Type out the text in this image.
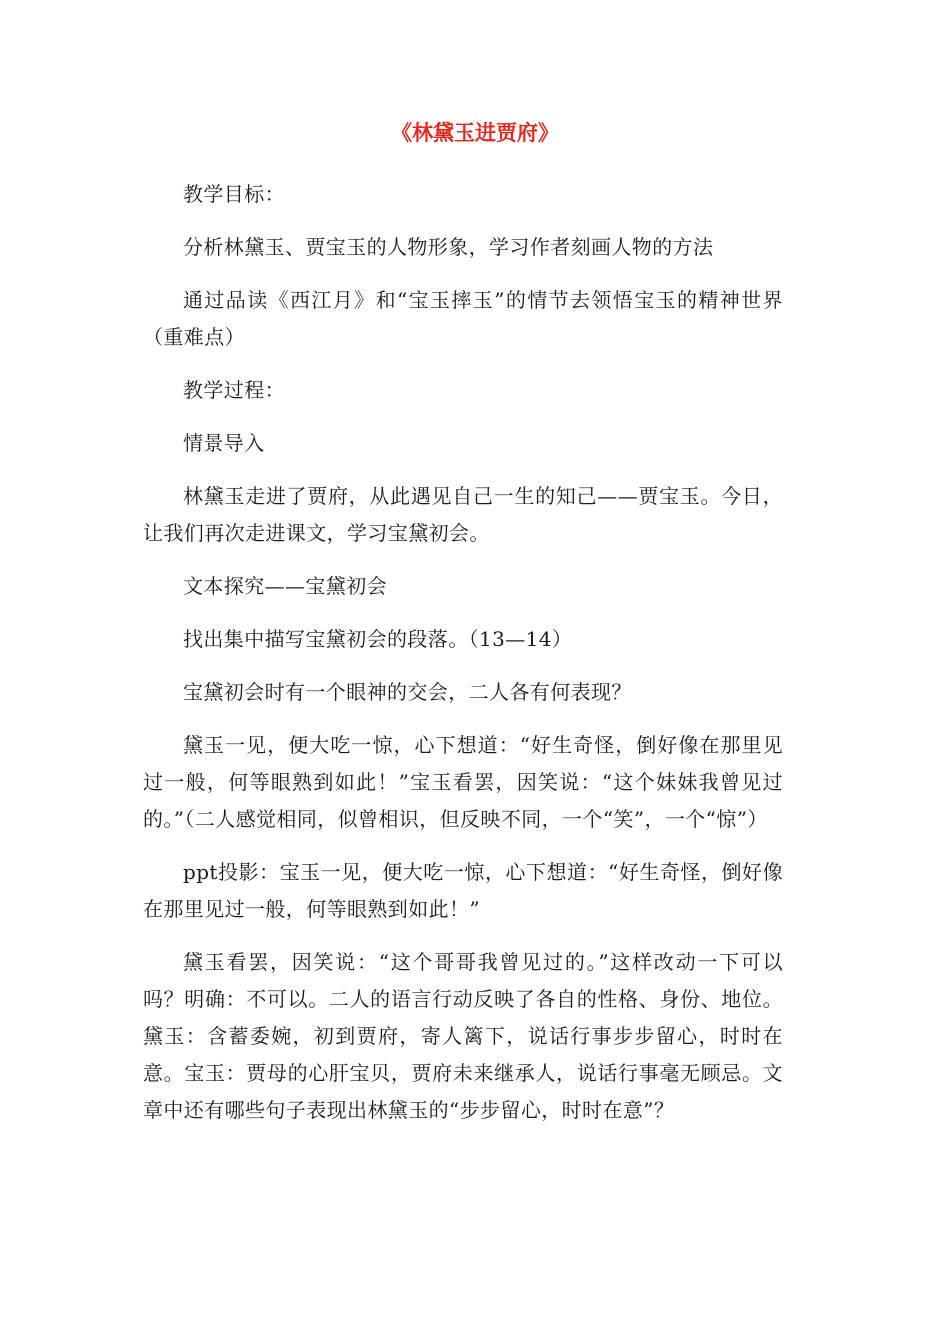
《林黛玉进贾府》

教学目标：

分析林黛玉、贾宝玉的人物形象，学习作者刻画人物的方法

通过品读《西江月》和“宝玉摔玉”的情节去领悟宝玉的精神世界（重难点）

教学过程：

情景导入

林黛玉走进了贾府，从此遇见自己一生的知己——贾宝玉。今日，让我们再次走进课文，学习宝黛初会。

文本探究——宝黛初会

找出集中描写宝黛初会的段落。（13—14）

宝黛初会时有一个眼神的交会，二人各有何表现？

黛玉一见，便大吃一惊，心下想道：“好生奇怪，倒好像在那里见过一般，何等眼熟到如此！”宝玉看罢，因笑说：“这个妹妹我曾见过的。”（二人感觉相同，似曾相识，但反映不同，一个“笑”，一个“惊”）

ppt投影：宝玉一见，便大吃一惊，心下想道：“好生奇怪，倒好像在那里见过一般，何等眼熟到如此！”

黛玉看罢，因笑说：“这个哥哥我曾见过的。”这样改动一下可以吗？明确：不可以。二人的语言行动反映了各自的性格、身份、地位。黛玉：含蓄委婉，初到贾府，寄人篱下，说话行事步步留心，时时在意。宝玉：贾母的心肝宝贝，贾府未来继承人，说话行事毫无顾忌。文章中还有哪些句子表现出林黛玉的“步步留心，时时在意”？
